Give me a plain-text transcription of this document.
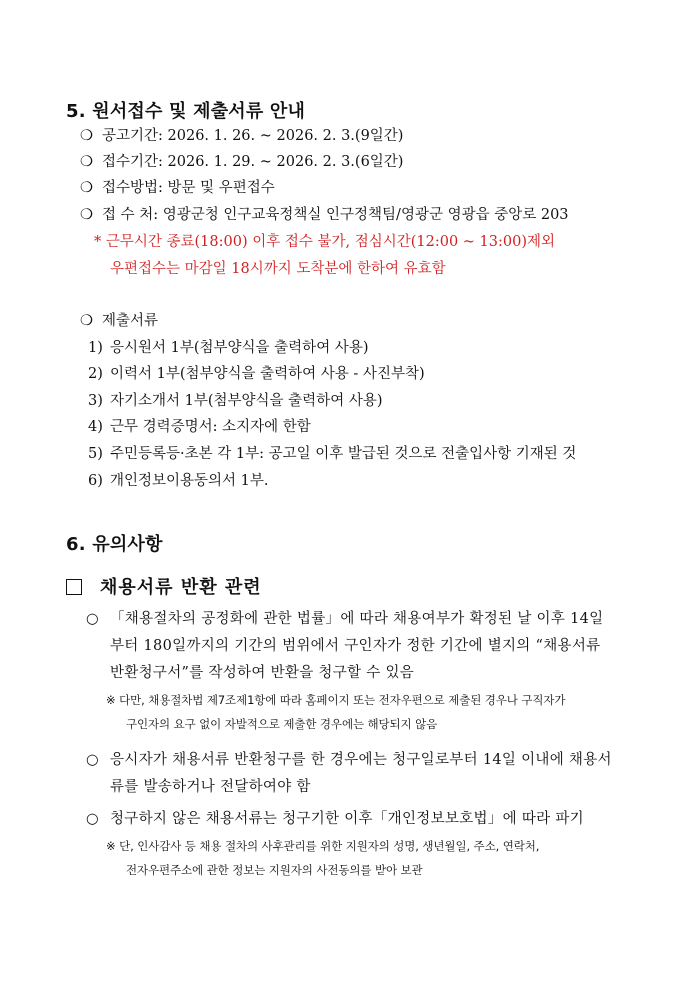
5. 원서접수 및 제출서류 안내
❍ 공고기간: 2026. 1. 26. ~ 2026. 2. 3.(9일간)
❍ 접수기간: 2026. 1. 29. ~ 2026. 2. 3.(6일간)
❍ 접수방법: 방문 및 우편접수
❍ 접 수 처: 영광군청 인구교육정책실 인구정책팀/영광군 영광읍 중앙로 203
* 근무시간 종료(18:00) 이후 접수 불가, 점심시간(12:00 ~ 13:00)제외
우편접수는 마감일 18시까지 도착분에 한하여 유효함
❍ 제출서류
1) 응시원서 1부(첨부양식을 출력하여 사용)
2) 이력서 1부(첨부양식을 출력하여 사용 - 사진부착)
3) 자기소개서 1부(첨부양식을 출력하여 사용)
4) 근무 경력증명서: 소지자에 한함
5) 주민등록등·초본 각 1부: 공고일 이후 발급된 것으로 전출입사항 기재된 것
6) 개인정보이용동의서 1부.
6. 유의사항
채용서류 반환 관련
○ 「채용절차의 공정화에 관한 법률」에 따라 채용여부가 확정된 날 이후 14일
부터 180일까지의 기간의 범위에서 구인자가 정한 기간에 별지의 “채용서류
반환청구서”를 작성하여 반환을 청구할 수 있음
※ 다만, 채용절차법 제7조제1항에 따라 홈페이지 또는 전자우편으로 제출된 경우나 구직자가
구인자의 요구 없이 자발적으로 제출한 경우에는 해당되지 않음
○ 응시자가 채용서류 반환청구를 한 경우에는 청구일로부터 14일 이내에 채용서
류를 발송하거나 전달하여야 함
○ 청구하지 않은 채용서류는 청구기한 이후「개인정보보호법」에 따라 파기
※ 단, 인사감사 등 채용 절차의 사후관리를 위한 지원자의 성명, 생년월일, 주소, 연락처,
전자우편주소에 관한 정보는 지원자의 사전동의를 받아 보관
